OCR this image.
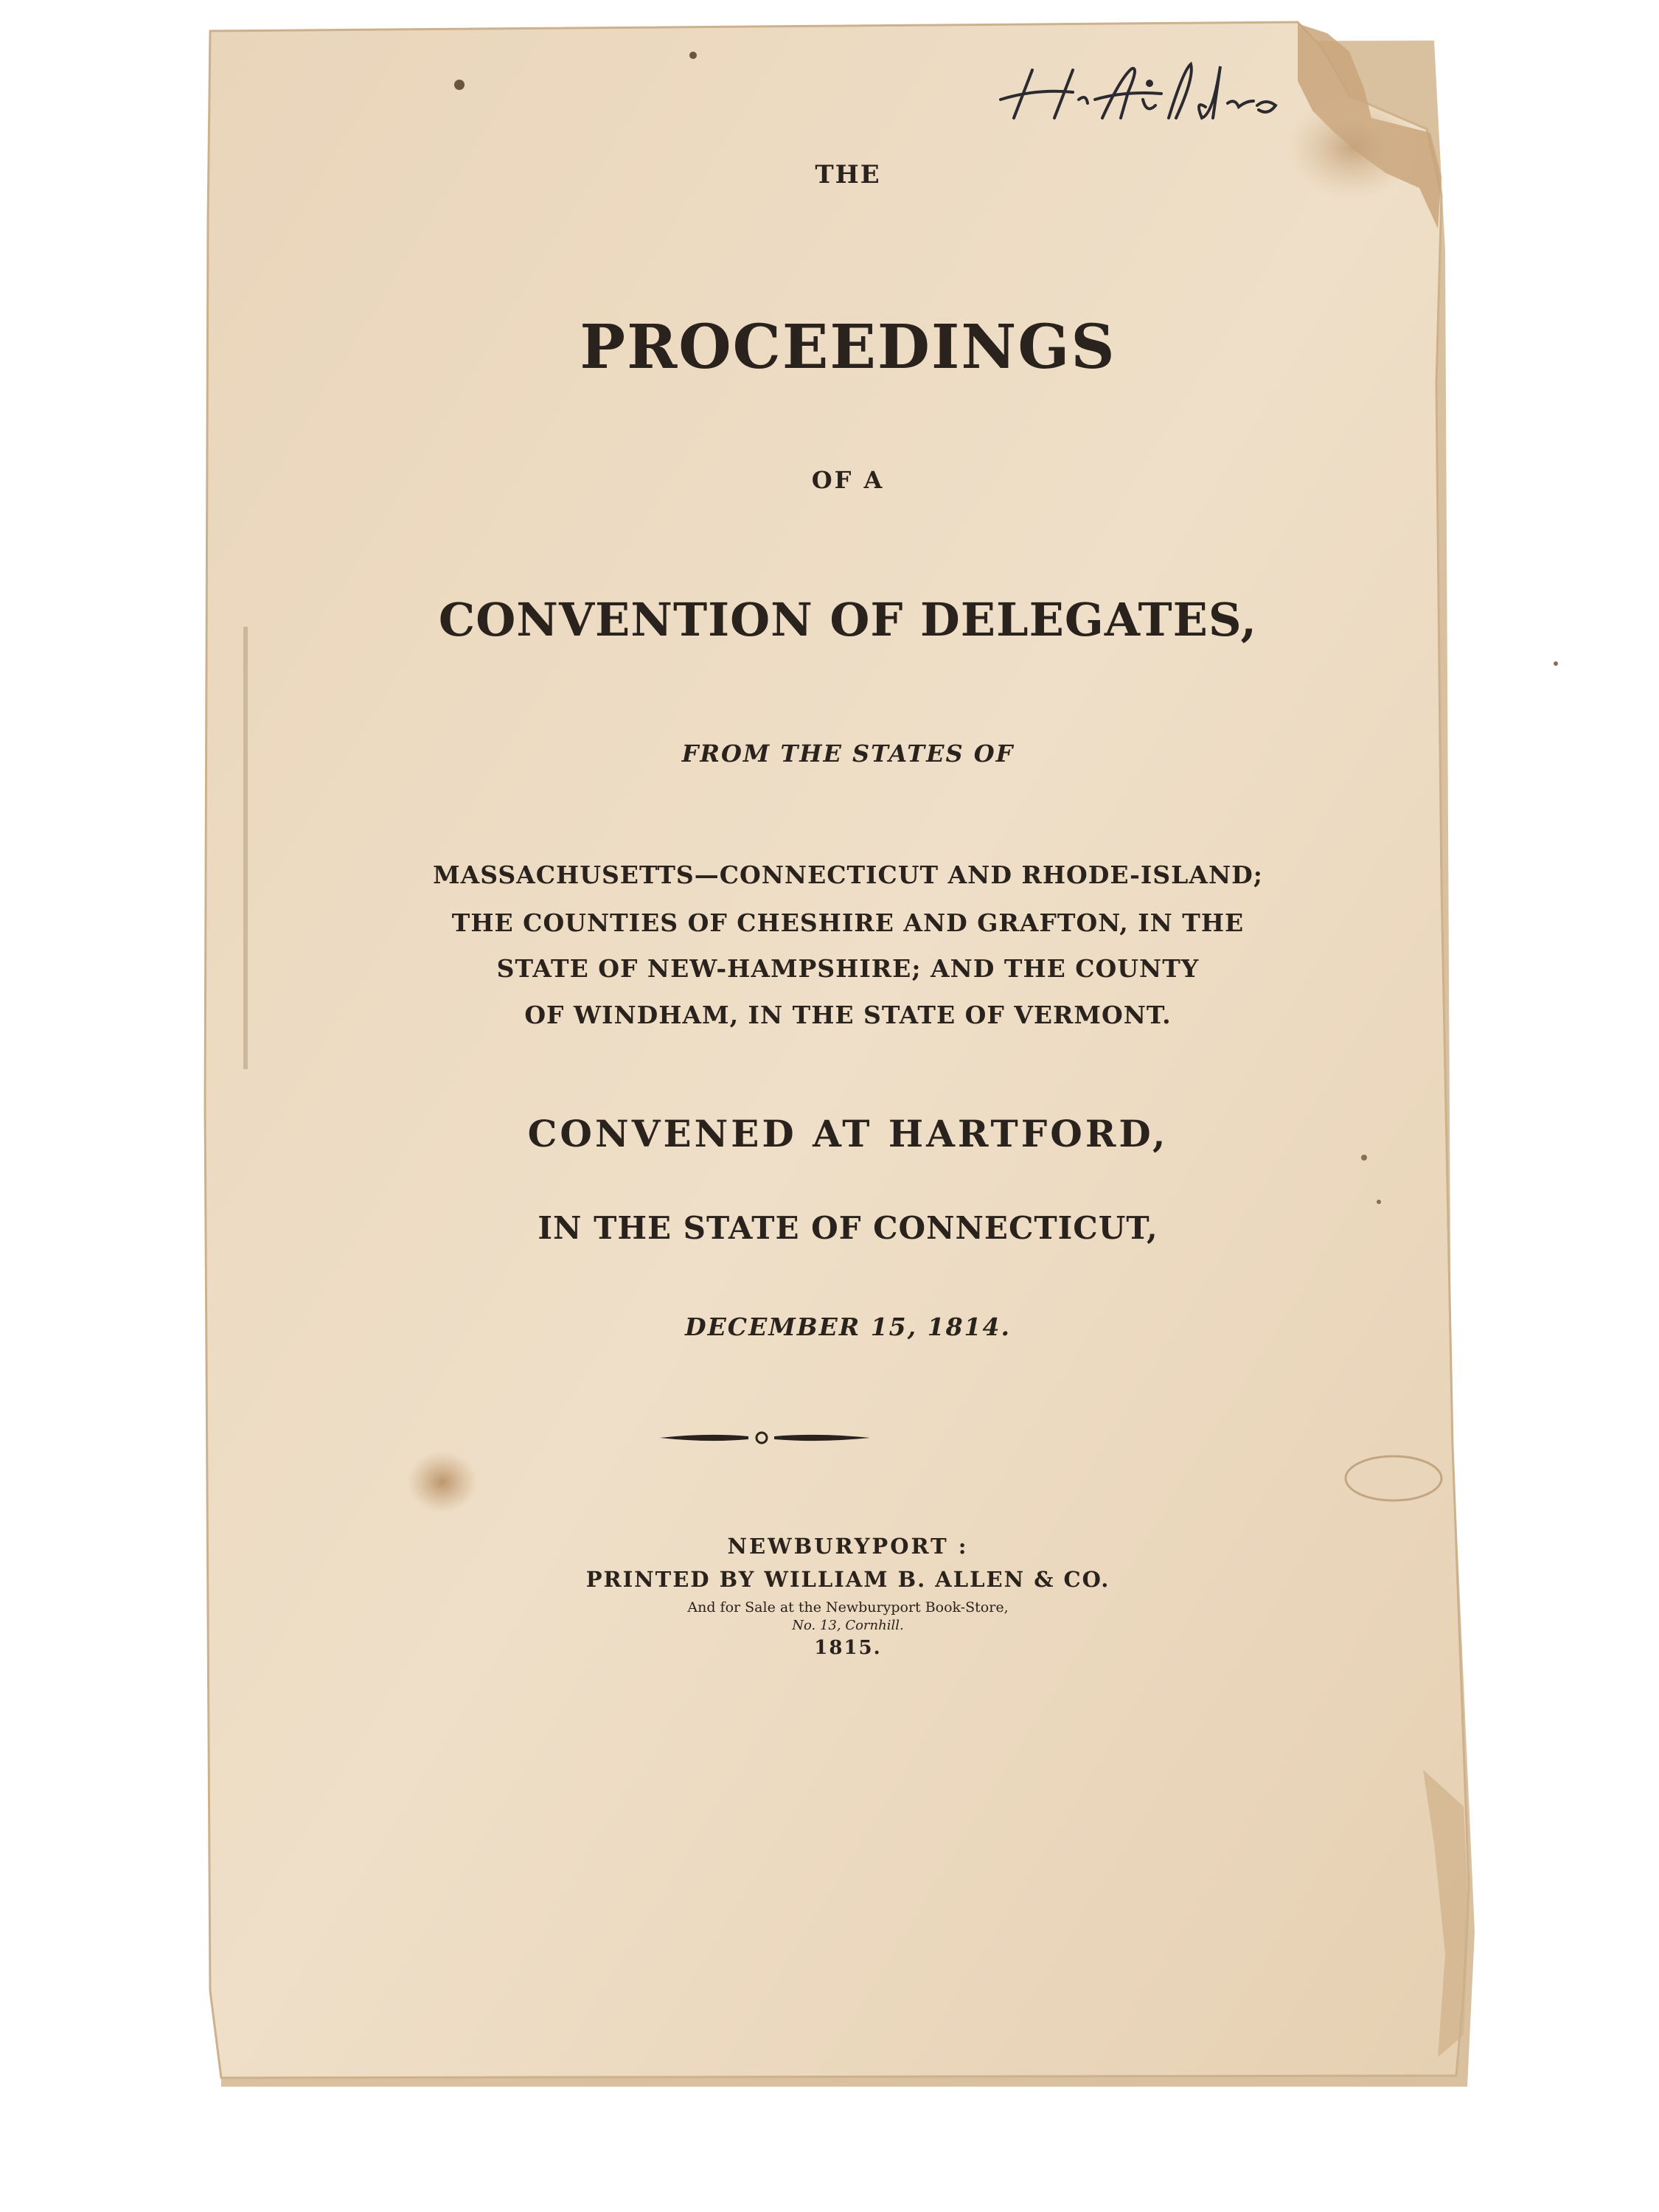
THE
PROCEEDINGS
OF A
CONVENTION OF DELEGATES,
FROM THE STATES OF
MASSACHUSETTS—CONNECTICUT AND RHODE-ISLAND;
THE COUNTIES OF CHESHIRE AND GRAFTON, IN THE
STATE OF NEW-HAMPSHIRE; AND THE COUNTY
OF WINDHAM, IN THE STATE OF VERMONT.
CONVENED AT HARTFORD,
IN THE STATE OF CONNECTICUT,
DECEMBER 15, 1814.
NEWBURYPORT :
PRINTED BY WILLIAM B. ALLEN & CO.
And for Sale at the Newburyport Book-Store,
No. 13, Cornhill.
1815.
